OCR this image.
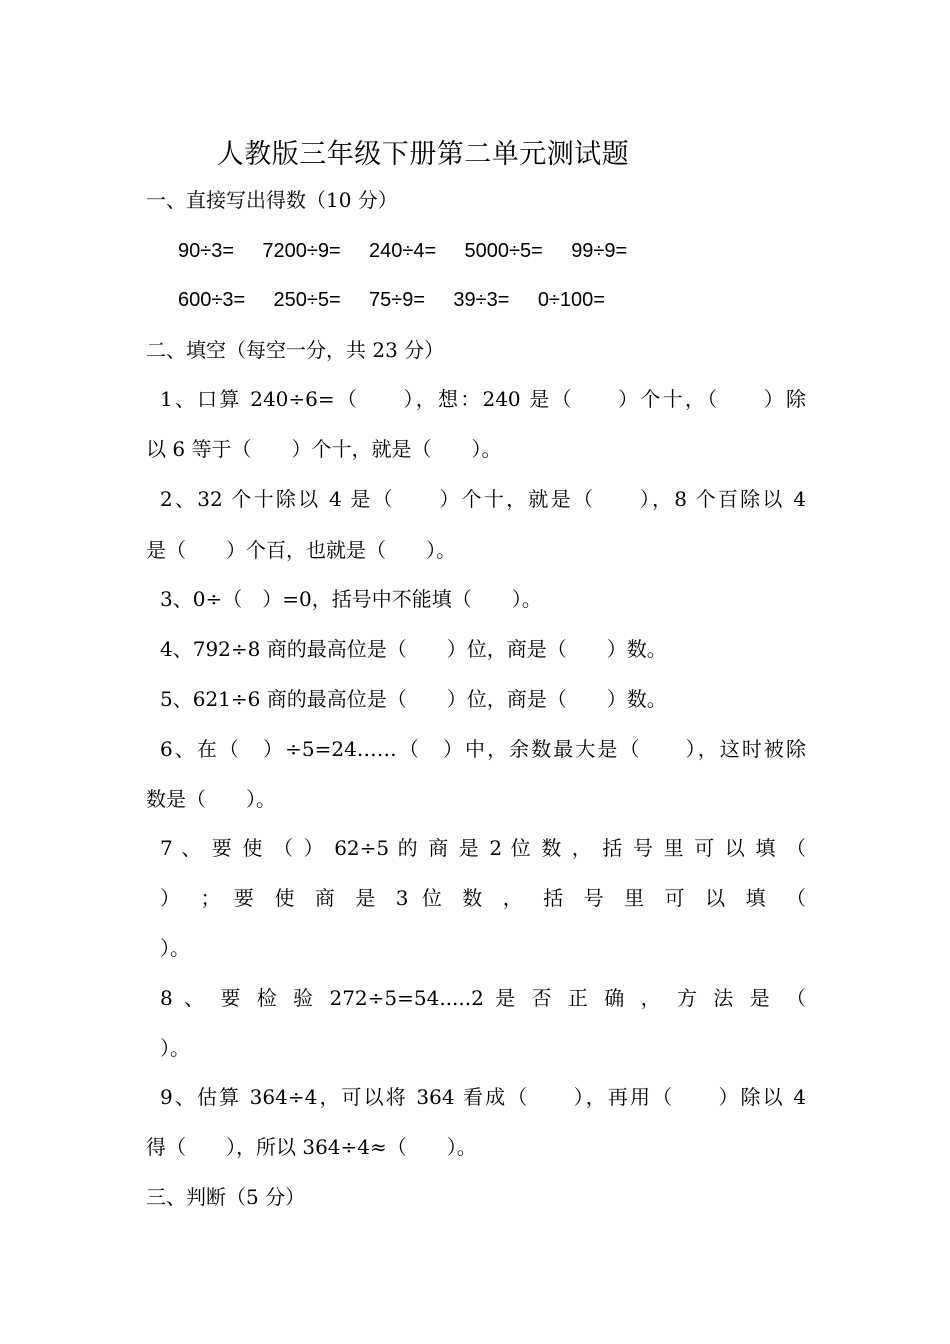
人教版三年级下册第二单元测试题
一、直接写出得数（10 分）
90÷3= 7200÷9= 240÷4= 5000÷5= 99÷9=
600÷3= 250÷5= 75÷9= 39÷3= 0÷100=
二、填空（每空一分，共 23 分）
1、口算 240÷6=（　　），想：240 是（　　）个十，（　　）除
以 6 等于（　　）个十，就是（　　）。
2、32 个十除以 4 是（　　）个十，就是（　　），8 个百除以 4
是（　　）个百，也就是（　　）。
3、0÷（　）=0，括号中不能填（　　）。
4、792÷8 商的最高位是（　　）位，商是（　　）数。
5、621÷6 商的最高位是（　　）位，商是（　　）数。
6、在（　）÷5=24……（　）中，余数最大是（　　），这时被除
数是（　　）。
7 、 要 使 （ ） 62÷5 的 商 是 2 位 数 ， 括 号 里 可 以 填 （
） ； 要 使 商 是 3 位 数 ， 括 号 里 可 以 填 （
）。
8 、 要 检 验 272÷5=54.....2 是 否 正 确 ， 方 法 是 （
）。
9、估算 364÷4，可以将 364 看成（　　），再用（　　）除以 4
得（　　），所以 364÷4≈（　　）。
三、判断（5 分）
